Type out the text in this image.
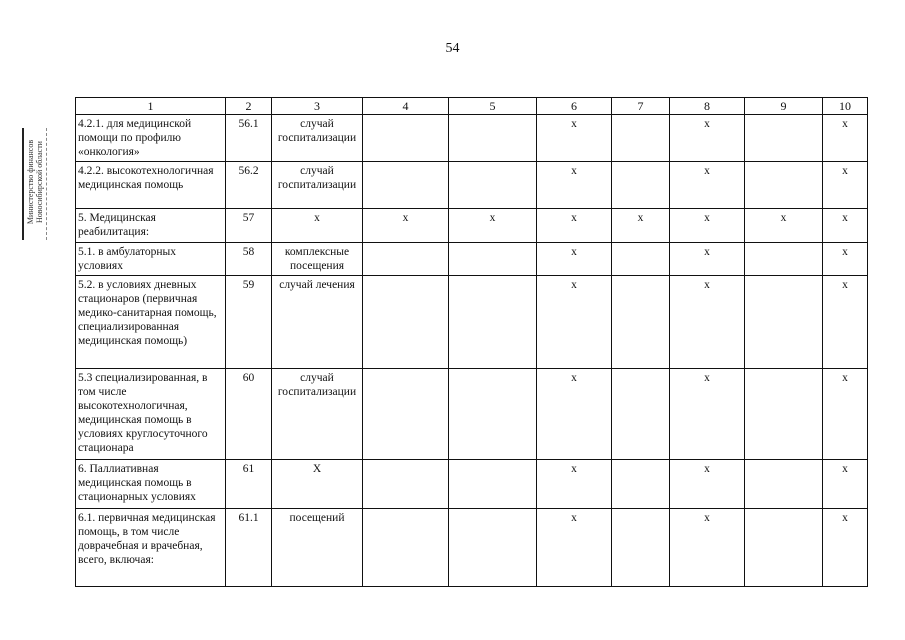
54
Министерство финансов Новосибирской области
1	2	3	4	5	6	7	8	9	10
4.2.1. для медицинской помощи по профилю «онкология»	56.1	случай госпитализации			x		x		x
4.2.2. высокотехнологичная медицинская помощь	56.2	случай госпитализации			x		x		x
5. Медицинская реабилитация:	57	x	x	x	x	x	x	x	x
5.1. в амбулаторных условиях	58	комплексные посещения			x		x		x
5.2. в условиях дневных стационаров (первичная медико-санитарная помощь, специализированная медицинская помощь)	59	случай лечения			x		x		x
5.3 специализированная, в том числе высокотехнологичная, медицинская помощь в условиях круглосуточного стационара	60	случай госпитализации			x		x		x
6. Паллиативная медицинская помощь в стационарных условиях	61	X			x		x		x
6.1. первичная медицинская помощь, в том числе доврачебная и врачебная, всего, включая:	61.1	посещений			x		x		x
